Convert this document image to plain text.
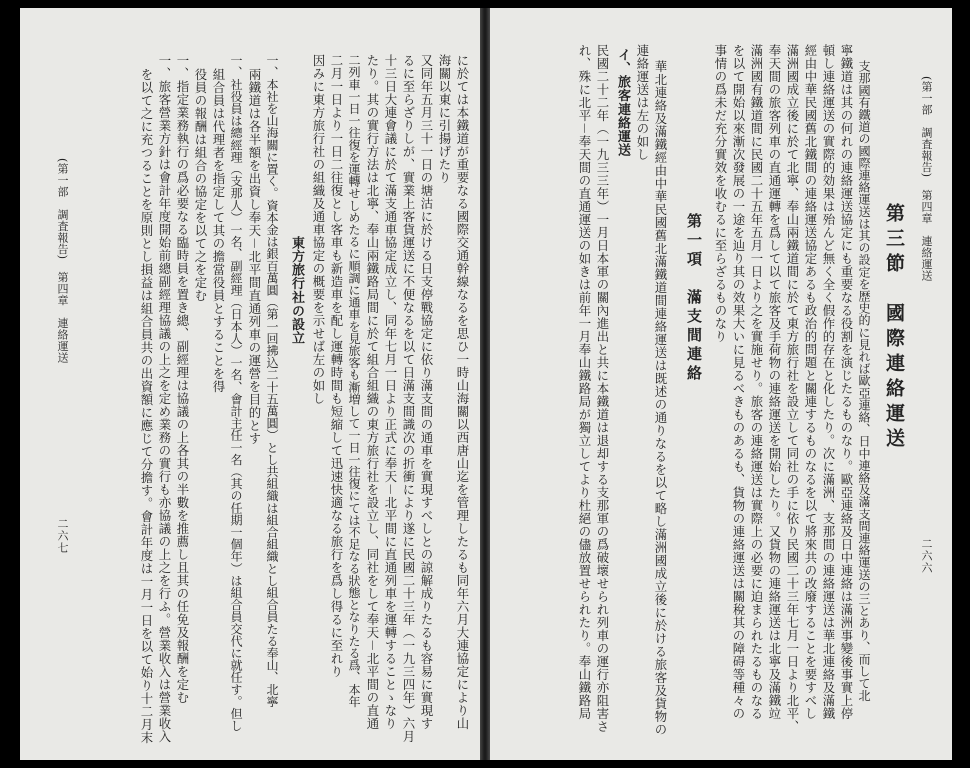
(第一部　調査報告)　第四章　連絡運送
二六六
第三節　國際連絡運送
支那國有鐵道の國際連絡運送は其の設定を歴史的に見れば歐亞連絡、日中連絡及滿支間連絡運送の三とあり、而して北
寧鐵道は其の何れの連絡運送協定にも重要なる役割を演じたるものなり。歐亞連絡及日中連絡は滿洲事變後事實上停
頓し連絡運送の實際的効果は殆んど無く全く假作的存在と化したり。次に滿洲、支那間の連絡運送は華北連絡及滿鐵
經由中華民國舊北鐵間の連絡運送協定あるも政治的問題と關連するものなるを以て將來共の改廢することを要すべし
滿洲國成立後に於て北寧、奉山兩鐵道間に於て東方旅行社を設立して同社の手に依り民國二十三年七月一日より北平、
奉天間の旅客列車の直通運轉を爲して以て旅客及手荷物の連絡運送を開始したり。又貨物の連絡運送は北寧及滿鐵竝
滿洲國有鐵道間に民國二十五年五月一日より之を實施せり。旅客の連絡運送は實際上の必要に迫まられたるものなる
を以て開始以來漸次發展の一途を辿り其の效果大いに見るべきものあるも、貨物の連絡運送は關稅其の障碍等種々の
事情の爲未だ充分實效を收むるに至らざるものなり
第一項　滿支間連絡
華北連絡及滿鐵經由中華民國舊北滿鐵道間連絡運送は既述の通りなるを以て略し滿洲國成立後に於ける旅客及貨物の
連絡運送は左の如し
イ、旅客連絡運送
民國二十二年（一九三三年）一月日本軍の關內進出と共に本鐵道は退却する支那軍の爲破壞せられ列車の運行亦阻害さ
れ、殊に北平－奉天間の直通運送の如きは前年一月奉山鐵路局が獨立してより杜絕の儘放置せられたり。奉山鐵路局
に於ては本鐵道が重要なる國際交通幹線なるを思ひ一時山海關以西唐山迄を管理したるも同年六月大連協定により山
海關以東に引揚げたり
又同年五月三十一日の塘沽に於ける日支停戰協定に依り滿支間の通車を實現すべしとの諒解成りたるも容易に實現す
るに至らざりしが、實業上客貨運送に不便なるを以て日滿支間識次の折衝により遂に民國二十三年（一九三四年）六月
十三日大連會議に於て滿支通車協定成立し、同年七月一日より正式に奉天－北平間に直通列車を運轉することゝなり
たり。其の實行方法は北寧、奉山兩鐵路局間に於て組合組織の東方旅行社を設立し、同社をして奉天－北平間の直通
二列車一日一往復を運轉せしめたるに順調に通車を見旅客も漸増して一日一往復にては不足なる狀態となりたる爲、本年
二月一日より一日二往復とし客車も新造車を配し運轉時間も短縮して迅速快適なる旅行を爲し得るに至れり
因みに東方旅行社の組織及通車協定の概要を示せば左の如し
東方旅行社の設立
一、本社を山海關に置く。資本金は銀百萬圓（第一回拂込二十五萬圓）とし共組織は組合組織とし組合員たる奉山、北寧
兩鐵道は各半額を出資し奉天－北平間直通列車の運營を目的とす
一、社役員は總經理（支那人）一名、副經理（日本人）一名、會計主任一名（其の任期一個年）は組合員交代に就任す。但し
組合員は代理者を指定して其の擔當役員とすることを得
役員の報酬は組合の協定を以て之を定む
一、指定業務執行の爲必要なる臨時員を置き總、副經理は協議の上各其の半數を推薦し且其の任免及報酬を定む
一、旅客營業方針は會計年度開始前總副經理協議の上之を定め業務の實行も亦協議の上之を行ふ。營業收入は營業收入
を以て之に充つることを原則とし損益は組合員共の出資額に應じて分擔す。會計年度は一月一日を以て始り十二月末
(第一部　調査報告)　第四章　連絡運送
二六七
